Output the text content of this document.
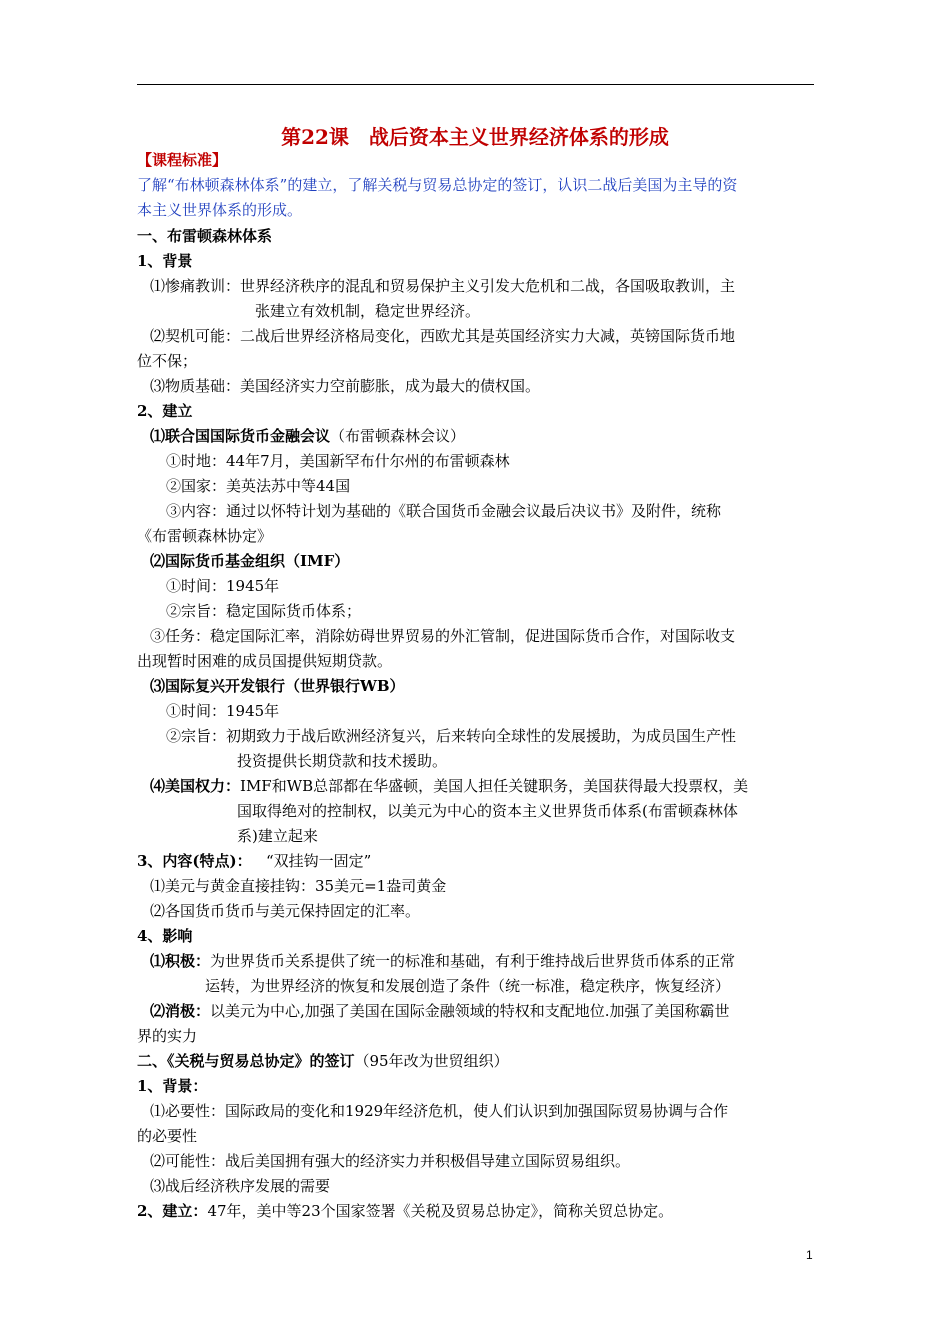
第22课　战后资本主义世界经济体系的形成
【课程标准】
了解“布林顿森林体系”的建立，了解关税与贸易总协定的签订，认识二战后美国为主导的资
本主义世界体系的形成。
一、布雷顿森林体系
1、背景
⑴惨痛教训：世界经济秩序的混乱和贸易保护主义引发大危机和二战，各国吸取教训，主
张建立有效机制，稳定世界经济。
⑵契机可能：二战后世界经济格局变化，西欧尤其是英国经济实力大减，英镑国际货币地
位不保；
⑶物质基础：美国经济实力空前膨胀，成为最大的债权国。
2、建立
⑴联合国国际货币金融会议（布雷顿森林会议）
①时地：44年7月，美国新罕布什尔州的布雷顿森林
②国家：美英法苏中等44国
③内容：通过以怀特计划为基础的《联合国货币金融会议最后决议书》及附件，统称
《布雷顿森林协定》
⑵国际货币基金组织（IMF）
①时间：1945年
②宗旨：稳定国际货币体系；
③任务：稳定国际汇率，消除妨碍世界贸易的外汇管制，促进国际货币合作，对国际收支
出现暂时困难的成员国提供短期贷款。
⑶国际复兴开发银行（世界银行WB）
①时间：1945年
②宗旨：初期致力于战后欧洲经济复兴，后来转向全球性的发展援助，为成员国生产性
投资提供长期贷款和技术援助。
⑷美国权力：IMF和WB总部都在华盛顿，美国人担任关键职务，美国获得最大投票权，美
国取得绝对的控制权，以美元为中心的资本主义世界货币体系(布雷顿森林体
系)建立起来
3、内容(特点)： “双挂钩一固定”
⑴美元与黄金直接挂钩：35美元=1盎司黄金
⑵各国货币货币与美元保持固定的汇率。
4、影响
⑴积极：为世界货币关系提供了统一的标准和基础，有利于维持战后世界货币体系的正常
运转，为世界经济的恢复和发展创造了条件（统一标准，稳定秩序，恢复经济）
⑵消极：以美元为中心,加强了美国在国际金融领域的特权和支配地位.加强了美国称霸世
界的实力
二、《关税与贸易总协定》的签订（95年改为世贸组织）
1、背景：
⑴必要性：国际政局的变化和1929年经济危机，使人们认识到加强国际贸易协调与合作
的必要性
⑵可能性：战后美国拥有强大的经济实力并积极倡导建立国际贸易组织。
⑶战后经济秩序发展的需要
2、建立：47年，美中等23个国家签署《关税及贸易总协定》，简称关贸总协定。
1
